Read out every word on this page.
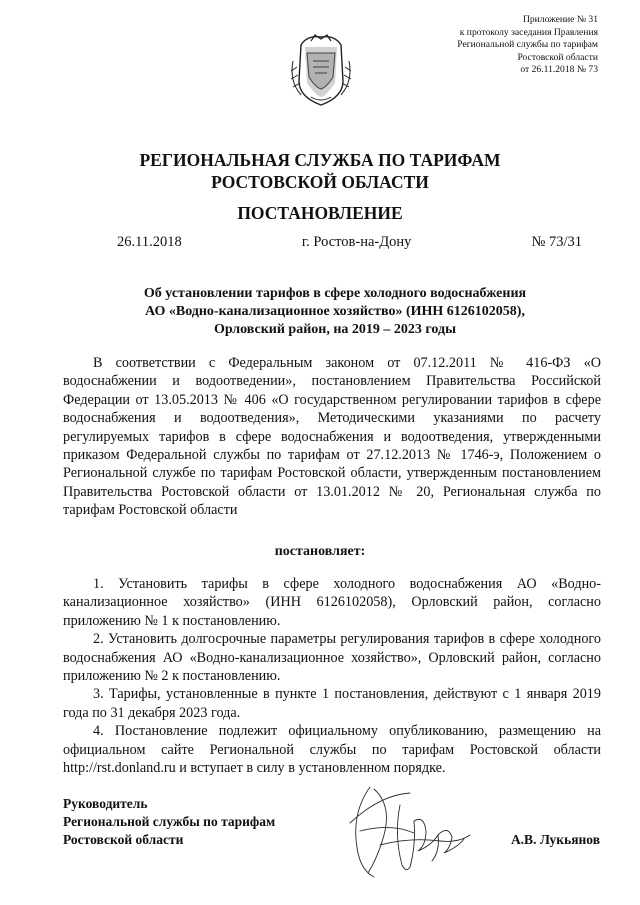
Приложение № 31
к протоколу заседания Правления
Региональной службы по тарифам
Ростовской области
от 26.11.2018 № 73
РЕГИОНАЛЬНАЯ СЛУЖБА ПО ТАРИФАМ
РОСТОВСКОЙ ОБЛАСТИ
ПОСТАНОВЛЕНИЕ
26.11.2018	г. Ростов-на-Дону	№ 73/31
Об установлении тарифов в сфере холодного водоснабжения
АО «Водно-канализационное хозяйство» (ИНН 6126102058),
Орловский район, на 2019 – 2023 годы

В соответствии с Федеральным законом от 07.12.2011 № 416-ФЗ «О водоснабжении и водоотведении», постановлением Правительства Российской Федерации от 13.05.2013 № 406 «О государственном регулировании тарифов в сфере водоснабжения и водоотведения», Методическими указаниями по расчету регулируемых тарифов в сфере водоснабжения и водоотведения, утвержденными приказом Федеральной службы по тарифам от 27.12.2013 № 1746-э, Положением о Региональной службе по тарифам Ростовской области, утвержденным постановлением Правительства Ростовской области от 13.01.2012 № 20, Региональная служба по тарифам Ростовской области

постановляет:

1. Установить тарифы в сфере холодного водоснабжения АО «Водно-канализационное хозяйство» (ИНН 6126102058), Орловский район, согласно приложению № 1 к постановлению.

2. Установить долгосрочные параметры регулирования тарифов в сфере холодного водоснабжения АО «Водно-канализационное хозяйство», Орловский район, согласно приложению № 2 к постановлению.

3. Тарифы, установленные в пункте 1 постановления, действуют с 1 января 2019 года по 31 декабря 2023 года.

4. Постановление подлежит официальному опубликованию, размещению на официальном сайте Региональной службы по тарифам Ростовской области http://rst.donland.ru и вступает в силу в установленном порядке.

Руководитель
Региональной службы по тарифам
Ростовской области	А.В. Лукьянов
